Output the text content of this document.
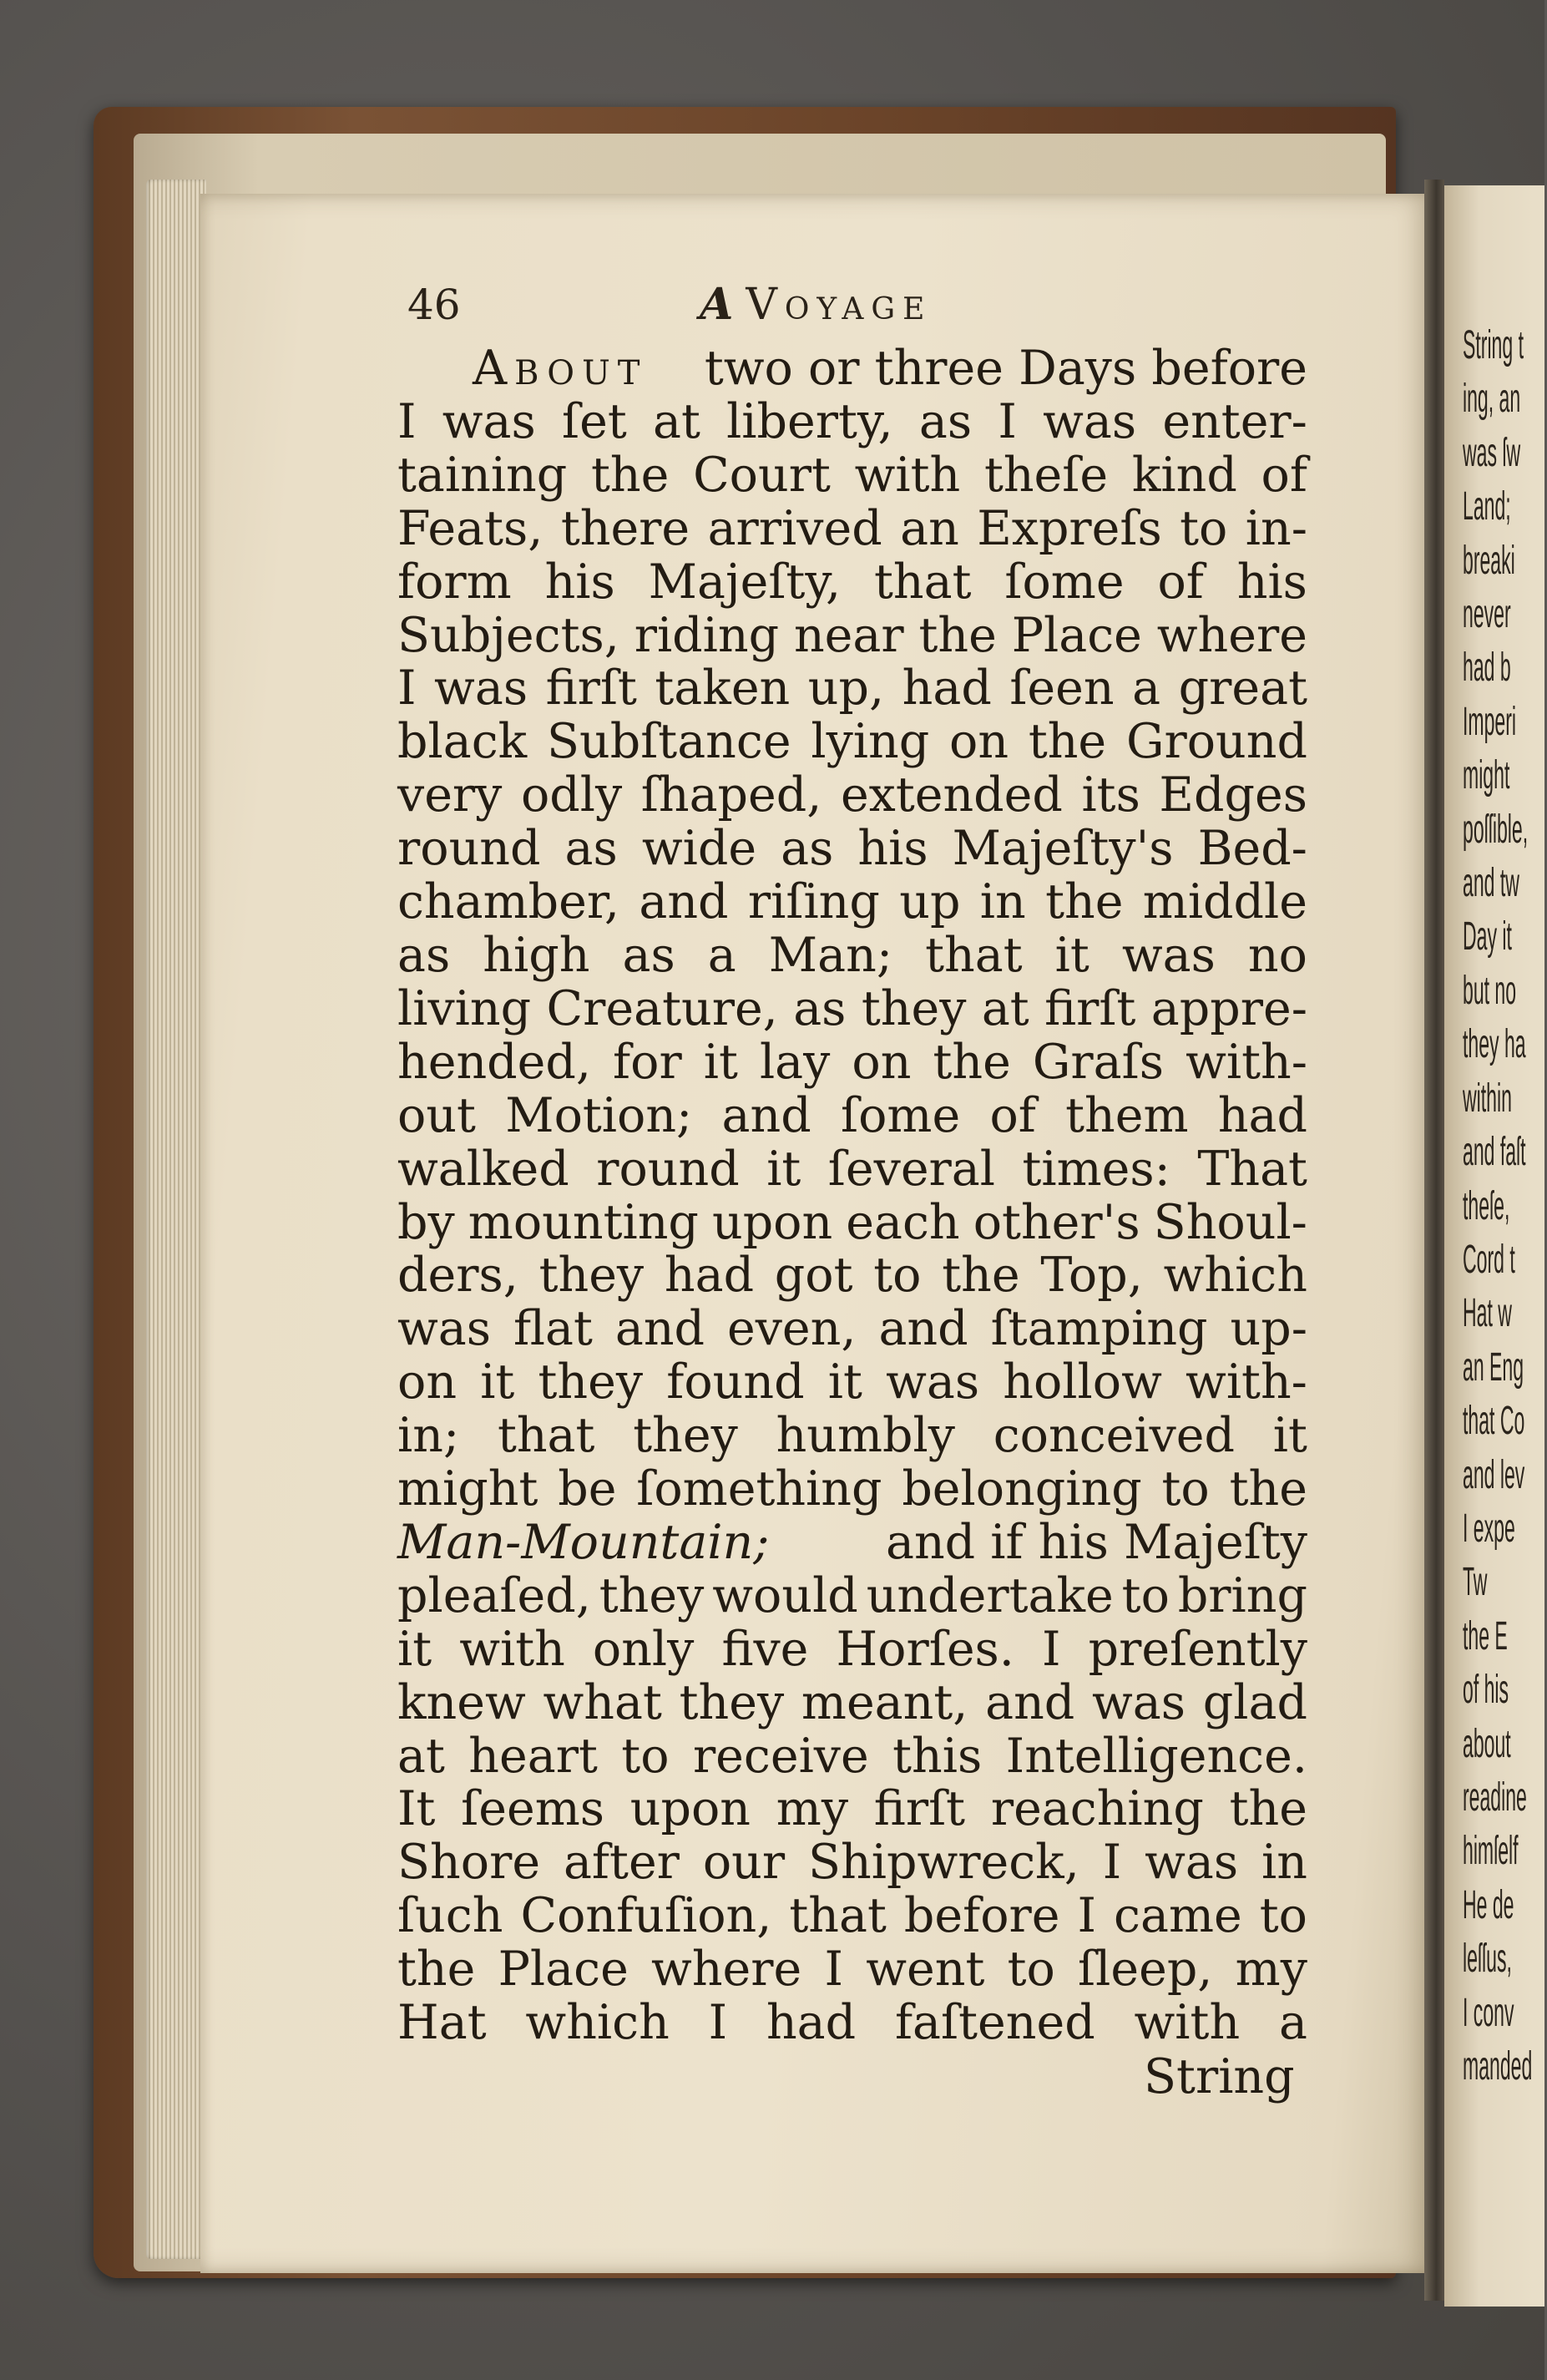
String t
ing, an
was ſw
Land;
breaki
never
had b
Imperi
might
poſſible,
and tw
Day it
but no
they ha
within
and faſt
theſe,
Cord t
Hat w
an Eng
that Co
and lev
I expe
Tw
the E
of his
about
readine
himſelf
He de
leſſus,
I conv
manded
46	A Voyage
About
two or three Days before
I was ſet at liberty, as I was enter-
taining the Court with theſe kind of
Feats, there arrived an Expreſs to in-
form his Majeſty, that ſome of his
Subjects, riding near the Place where
I was firſt taken up, had ſeen a great
black Subſtance lying on the Ground
very odly ſhaped, extended its Edges
round as wide as his Majeſty's Bed-
chamber, and riſing up in the middle
as high as a Man; that it was no
living Creature, as they at firſt appre-
hended, for it lay on the Graſs with-
out Motion; and ſome of them had
walked round it ſeveral times: That
by mounting upon each other's Shoul-
ders, they had got to the Top, which
was flat and even, and ſtamping up-
on it they found it was hollow with-
in; that they humbly conceived it
might be ſomething belonging to the
Man-Mountain;
and if his Majeſty
pleaſed, they would undertake to bring
it with only five Horſes. I preſently
knew what they meant, and was glad
at heart to receive this Intelligence.
It ſeems upon my firſt reaching the
Shore after our Shipwreck, I was in
ſuch Confuſion, that before I came to
the Place where I went to ſleep, my
Hat which I had faſtened with a
String
